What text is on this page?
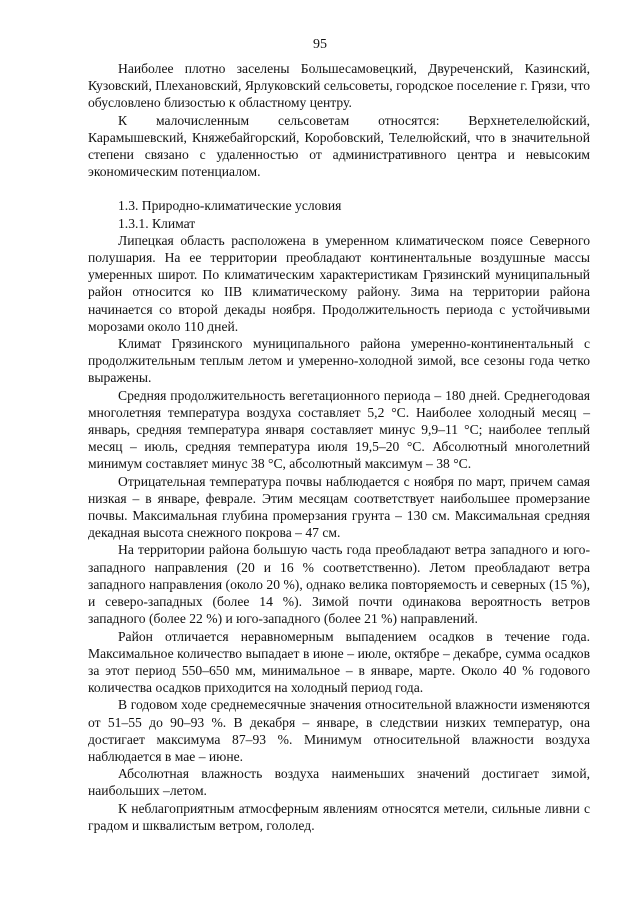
95

Наиболее плотно заселены Большесамовецкий, Двуреченский, Казинский, Кузовский, Плехановский, Ярлуковский сельсоветы, городское поселение г. Грязи, что обусловлено близостью к областному центру.

К малочисленным сельсоветам относятся: Верхнетелелюйский, Карамышевский, Княжебайгорский, Коробовский, Телелюйский, что в значительной степени связано с удаленностью от административного центра и невысоким экономическим потенциалом.

1.3. Природно-климатические условия

1.3.1. Климат

Липецкая область расположена в умеренном климатическом поясе Северного полушария. На ее территории преобладают континентальные воздушные массы умеренных широт. По климатическим характеристикам Грязинский муниципальный район относится ко IIВ климатическому району. Зима на территории района начинается со второй декады ноября. Продолжительность периода с устойчивыми морозами около 110 дней.

Климат Грязинского муниципального района умеренно-континентальный с продолжительным теплым летом и умеренно-холодной зимой, все сезоны года четко выражены.

Средняя продолжительность вегетационного периода – 180 дней. Среднегодовая многолетняя температура воздуха составляет 5,2 °С. Наиболее холодный месяц – январь, средняя температура января составляет минус 9,9–11 °С; наиболее теплый месяц – июль, средняя температура июля 19,5–20 °С. Абсолютный многолетний минимум составляет минус 38 °С, абсолютный максимум – 38 °С.

Отрицательная температура почвы наблюдается с ноября по март, причем самая низкая – в январе, феврале. Этим месяцам соответствует наибольшее промерзание почвы. Максимальная глубина промерзания грунта – 130 см. Максимальная средняя декадная высота снежного покрова – 47 см.

На территории района большую часть года преобладают ветра западного и юго-западного направления (20 и 16 % соответственно). Летом преобладают ветра западного направления (около 20 %), однако велика повторяемость и северных (15 %), и северо-западных (более 14 %). Зимой почти одинакова вероятность ветров западного (более 22 %) и юго-западного (более 21 %) направлений.

Район отличается неравномерным выпадением осадков в течение года. Максимальное количество выпадает в июне – июле, октябре – декабре, сумма осадков за этот период 550–650 мм, минимальное – в январе, марте. Около 40 % годового количества осадков приходится на холодный период года.

В годовом ходе среднемесячные значения относительной влажности изменяются от 51–55 до 90–93 %. В декабря – январе, в следствии низких температур, она достигает максимума 87–93 %. Минимум относительной влажности воздуха наблюдается в мае – июне.

Абсолютная влажность воздуха наименьших значений достигает зимой, наибольших –летом.

К неблагоприятным атмосферным явлениям относятся метели, сильные ливни с градом и шквалистым ветром, гололед.
